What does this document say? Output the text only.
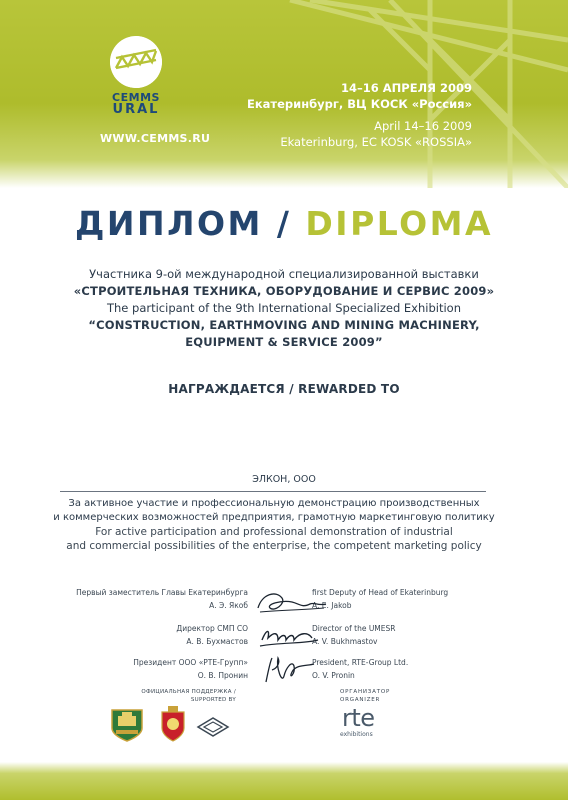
CEMMS
URAL
WWW.CEMMS.RU
14–16 АПРЕЛЯ 2009
Екатеринбург, ВЦ КОСК «Россия»
April 14–16 2009
Ekaterinburg, EC KOSK «ROSSIA»
ДИПЛОМ / DIPLOMA
Участника 9-ой международной специализированной выставки
«СТРОИТЕЛЬНАЯ ТЕХНИКА, ОБОРУДОВАНИЕ И СЕРВИС 2009»
The participant of the 9th International Specialized Exhibition
“CONSTRUCTION, EARTHMOVING AND MINING MACHINERY,
EQUIPMENT & SERVICE 2009”
НАГРАЖДАЕТСЯ / REWARDED TO
ЭЛКОН, ООО
За активное участие и профессиональную демонстрацию производственных
и коммерческих возможностей предприятия, грамотную маркетинговую политику
For active participation and professional demonstration of industrial
and commercial possibilities of the enterprise, the competent marketing policy
Первый заместитель Главы Екатеринбурга
А. Э. Якоб
first Deputy of Head of Ekaterinburg
A. E. Jakob
Директор СМП СО
А. В. Бухмастов
Director of the UMESR
A. V. Bukhmastov
Президент ООО «РТЕ-Групп»
О. В. Пронин
President, RTE-Group Ltd.
O. V. Pronin
ОФИЦИАЛЬНАЯ ПОДДЕРЖКА /
SUPPORTED BY
ОРГАНИЗАТОР
ORGANIZER
rte
exhibitions
